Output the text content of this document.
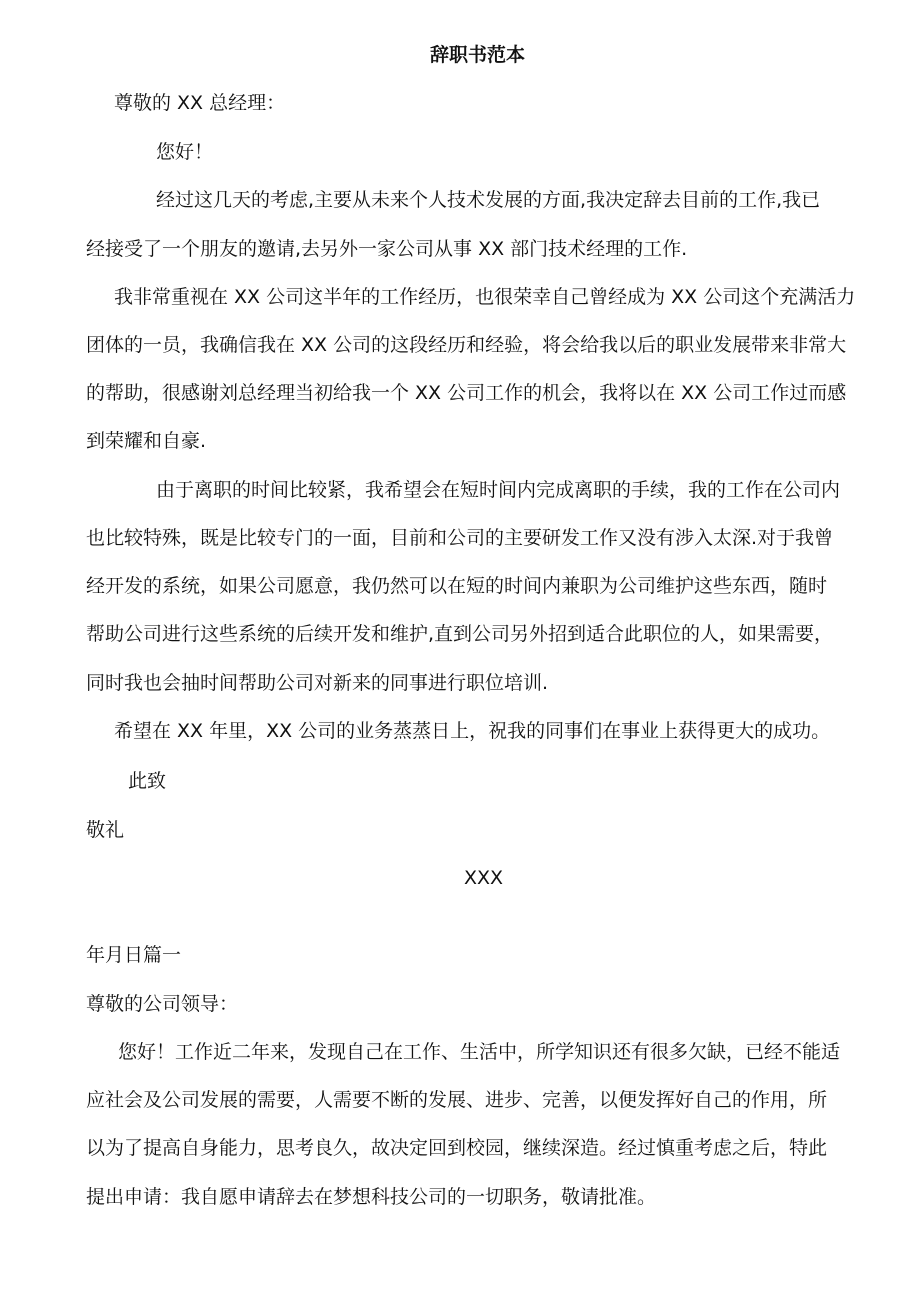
辞职书范本
尊敬的 XX 总经理：
您好！
经过这几天的考虑,主要从未来个人技术发展的方面,我决定辞去目前的工作,我已
经接受了一个朋友的邀请,去另外一家公司从事 XX 部门技术经理的工作.
我非常重视在 XX 公司这半年的工作经历，也很荣幸自己曾经成为 XX 公司这个充满活力
团体的一员，我确信我在 XX 公司的这段经历和经验，将会给我以后的职业发展带来非常大
的帮助，很感谢刘总经理当初给我一个 XX 公司工作的机会，我将以在 XX 公司工作过而感
到荣耀和自豪.
由于离职的时间比较紧，我希望会在短时间内完成离职的手续，我的工作在公司内
也比较特殊，既是比较专门的一面，目前和公司的主要研发工作又没有涉入太深.对于我曾
经开发的系统，如果公司愿意，我仍然可以在短的时间内兼职为公司维护这些东西，随时
帮助公司进行这些系统的后续开发和维护,直到公司另外招到适合此职位的人，如果需要，
同时我也会抽时间帮助公司对新来的同事进行职位培训.
希望在 XX 年里，XX 公司的业务蒸蒸日上，祝我的同事们在事业上获得更大的成功。
此致
敬礼
XXX
年月日篇一
尊敬的公司领导：
您好！工作近二年来，发现自己在工作、生活中，所学知识还有很多欠缺，已经不能适
应社会及公司发展的需要，人需要不断的发展、进步、完善，以便发挥好自己的作用，所
以为了提高自身能力，思考良久，故决定回到校园，继续深造。经过慎重考虑之后，特此
提出申请：我自愿申请辞去在梦想科技公司的一切职务，敬请批准。
